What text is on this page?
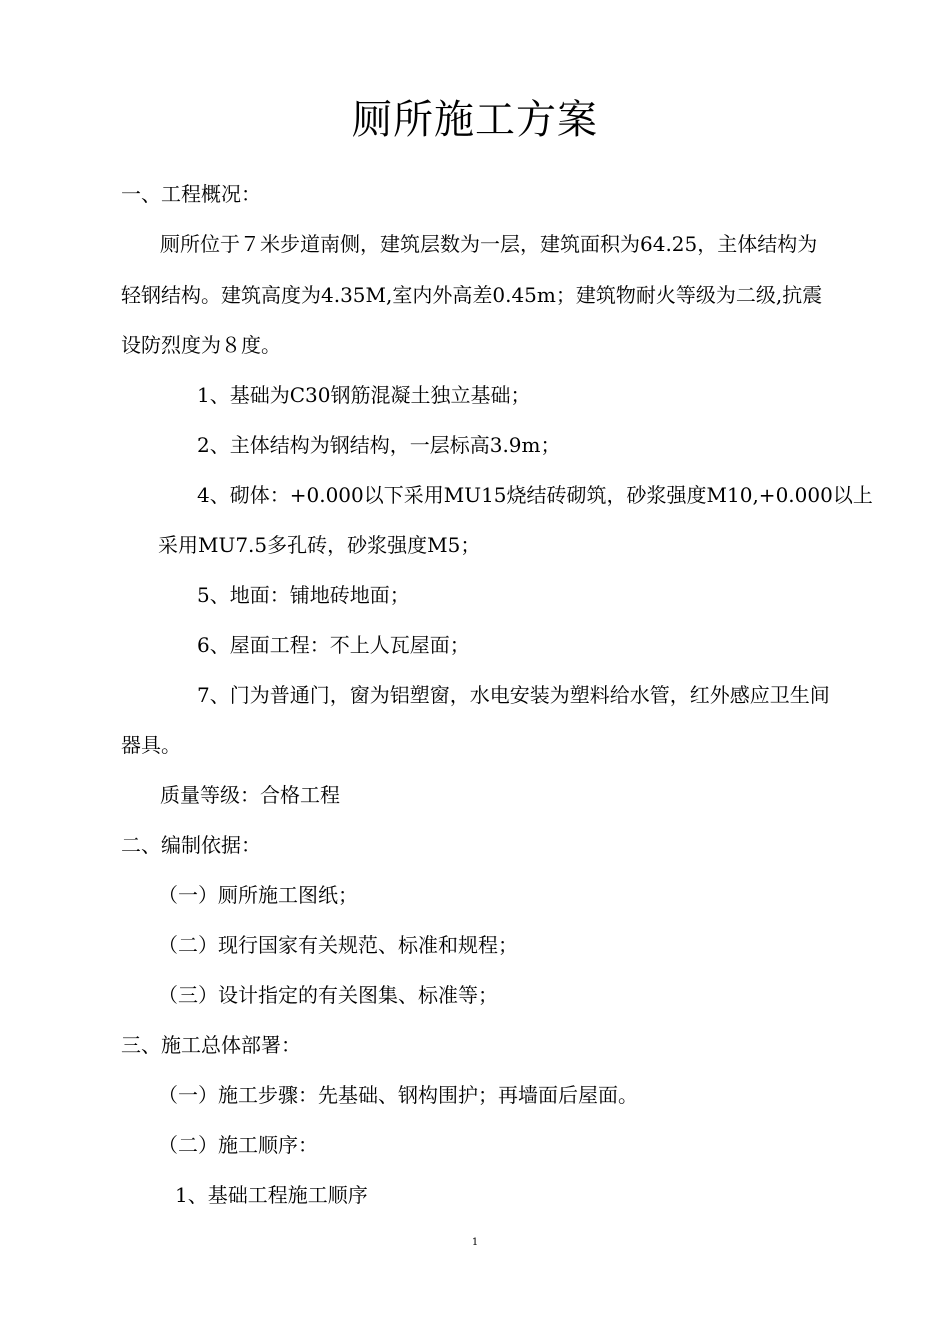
厕所施工方案
一、工程概况：
厕所位于７米步道南侧，建筑层数为一层，建筑面积为64.25，主体结构为
轻钢结构。建筑高度为4.35M,室内外高差0.45m；建筑物耐火等级为二级,抗震
设防烈度为８度。
1、基础为C30钢筋混凝土独立基础；
2、主体结构为钢结构，一层标高3.9m；
4、砌体：+0.000以下采用MU15烧结砖砌筑，砂浆强度M10,+0.000以上
采用MU7.5多孔砖，砂浆强度M5；
5、地面：铺地砖地面；
6、屋面工程：不上人瓦屋面；
7、门为普通门，窗为铝塑窗，水电安装为塑料给水管，红外感应卫生间
器具。
质量等级：合格工程
二、编制依据：
（一）厕所施工图纸；
（二）现行国家有关规范、标准和规程；
（三）设计指定的有关图集、标准等；
三、施工总体部署：
（一）施工步骤：先基础、钢构围护；再墙面后屋面。
（二）施工顺序：
1、基础工程施工顺序
1
